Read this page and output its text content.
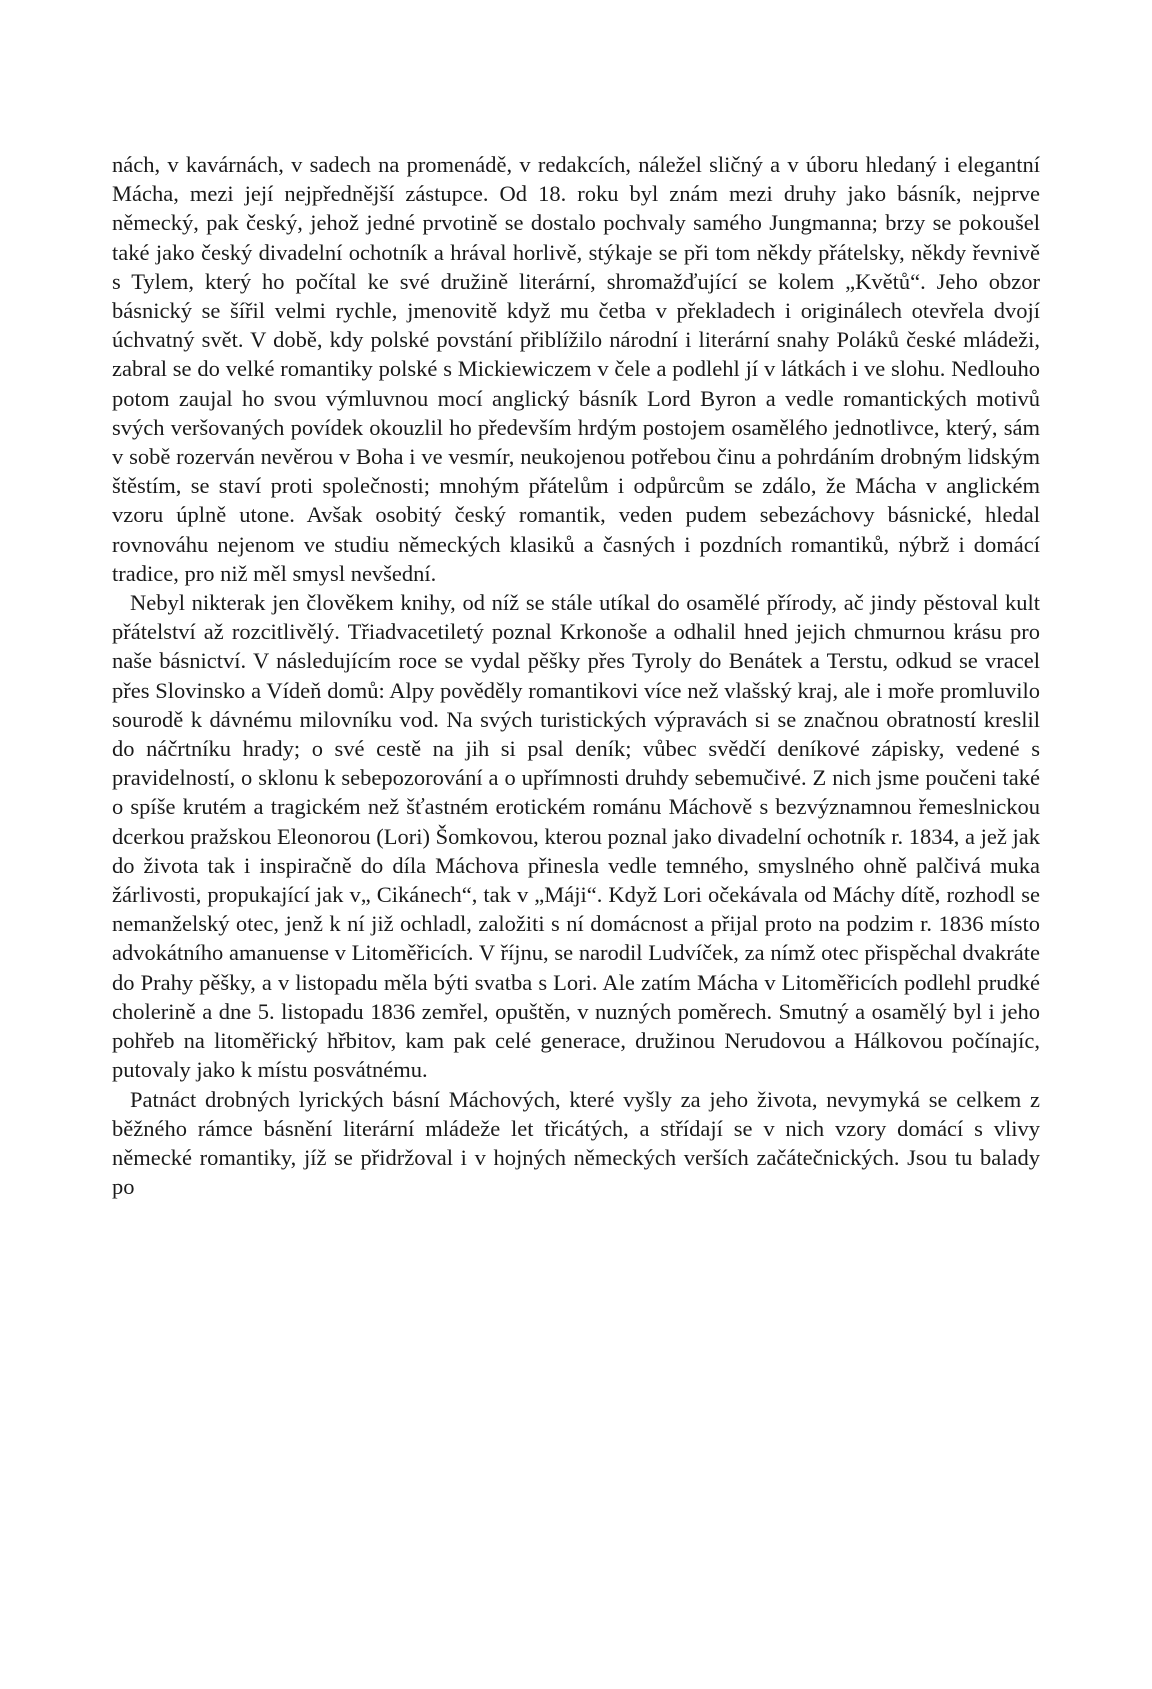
nách, v kavárnách, v sadech na promenádě, v redakcích, náležel sličný a v úboru hledaný i elegantní Mácha, mezi její nejpřednější zástupce. Od 18. roku byl znám mezi druhy jako básník, nejprve německý, pak český, jehož jedné prvotině se dostalo pochvaly samého Jungmanna; brzy se pokoušel také jako český divadelní ochotník a hrával horlivě, stýkaje se při tom někdy přátelsky, někdy řevnivě s Tylem, který ho počítal ke své družině literární, shromažďující se kolem „Květů“. Jeho obzor básnický se šířil velmi rychle, jmenovitě když mu četba v překladech i originálech otevřela dvojí úchvatný svět. V době, kdy polské povstání přiblížilo národní i literární snahy Poláků české mládeži, zabral se do velké romantiky polské s Mickiewiczem v čele a podlehl jí v látkách i ve slohu. Nedlouho potom zaujal ho svou výmluvnou mocí anglický básník Lord Byron a vedle romantických motivů svých veršovaných povídek okouzlil ho především hrdým postojem osamělého jednotlivce, který, sám v sobě rozerván nevěrou v Boha i ve vesmír, neukojenou potřebou činu a pohrdáním drobným lidským štěstím, se staví proti společnosti; mnohým přátelům i odpůrcům se zdálo, že Mácha v anglickém vzoru úplně utone. Avšak osobitý český romantik, veden pudem sebezáchovy básnické, hledal rovnováhu nejenom ve studiu německých klasiků a časných i pozdních romantiků, nýbrž i domácí tradice, pro niž měl smysl nevšední.

Nebyl nikterak jen člověkem knihy, od níž se stále utíkal do osamělé přírody, ač jindy pěstoval kult přátelství až rozcitlivělý. Třiadvacetiletý poznal Krkonoše a odhalil hned jejich chmurnou krásu pro naše básnictví. V následujícím roce se vydal pěšky přes Tyroly do Benátek a Terstu, odkud se vracel přes Slovinsko a Vídeň domů: Alpy pověděly romantikovi více než vlašský kraj, ale i moře promluvilo sourodě k dávnému milovníku vod. Na svých turistických výpravách si se značnou obratností kreslil do náčrtníku hrady; o své cestě na jih si psal deník; vůbec svědčí deníkové zápisky, vedené s pravidelností, o sklonu k sebepozorování a o upřímnosti druhdy sebemučivé. Z nich jsme poučeni také o spíše krutém a tragickém než šťastném erotickém románu Máchově s bezvýznamnou řemeslnickou dcerkou pražskou Eleonorou (Lori) Šomkovou, kterou poznal jako divadelní ochotník r. 1834, a jež jak do života tak i inspiračně do díla Máchova přinesla vedle temného, smyslného ohně palčivá muka žárlivosti, propukající jak v„ Cikánech“, tak v „Máji“. Když Lori očekávala od Máchy dítě, rozhodl se nemanželský otec, jenž k ní již ochladl, založiti s ní domácnost a přijal proto na podzim r. 1836 místo advokátního amanuense v Litoměřicích. V říjnu, se narodil Ludvíček, za nímž otec přispěchal dvakráte do Prahy pěšky, a v listopadu měla býti svatba s Lori. Ale zatím Mácha v Litoměřicích podlehl prudké cholerině a dne 5. listopadu 1836 zemřel, opuštěn, v nuzných poměrech. Smutný a osamělý byl i jeho pohřeb na litoměřický hřbitov, kam pak celé generace, družinou Nerudovou a Hálkovou počínajíc, putovaly jako k místu posvátnému.

Patnáct drobných lyrických básní Máchových, které vyšly za jeho života, nevymyká se celkem z běžného rámce básnění literární mládeže let třicátých, a střídají se v nich vzory domácí s vlivy německé romantiky, jíž se přidržoval i v hojných německých verších začátečnických. Jsou tu balady po
